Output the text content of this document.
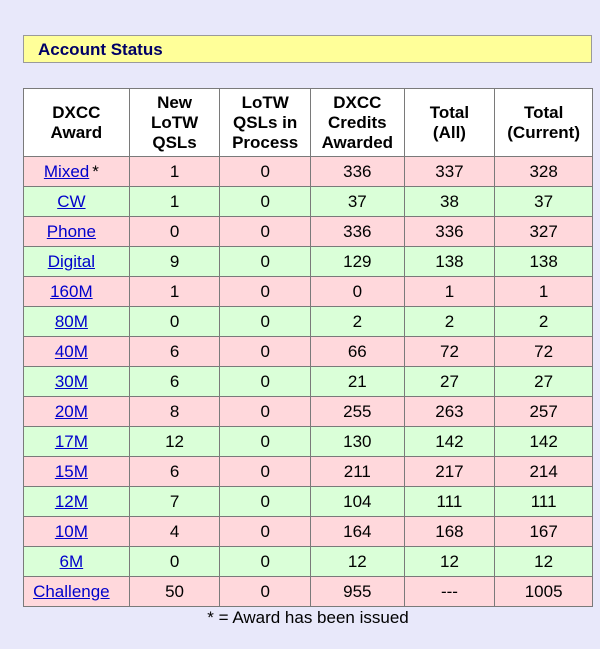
Account Status
DXCC
Award	New
LoTW
QSLs	LoTW
QSLs in
Process	DXCC
Credits
Awarded	Total
(All)	Total
(Current)

Mixed *	1	0	336	337	328
CW	1	0	37	38	37
Phone	0	0	336	336	327
Digital	9	0	129	138	138
160M	1	0	0	1	1
80M	0	0	2	2	2
40M	6	0	66	72	72
30M	6	0	21	27	27
20M	8	0	255	263	257
17M	12	0	130	142	142
15M	6	0	211	217	214
12M	7	0	104	111	111
10M	4	0	164	168	167
6M	0	0	12	12	12
Challenge	50	0	955	---	1005
* = Award has been issued
